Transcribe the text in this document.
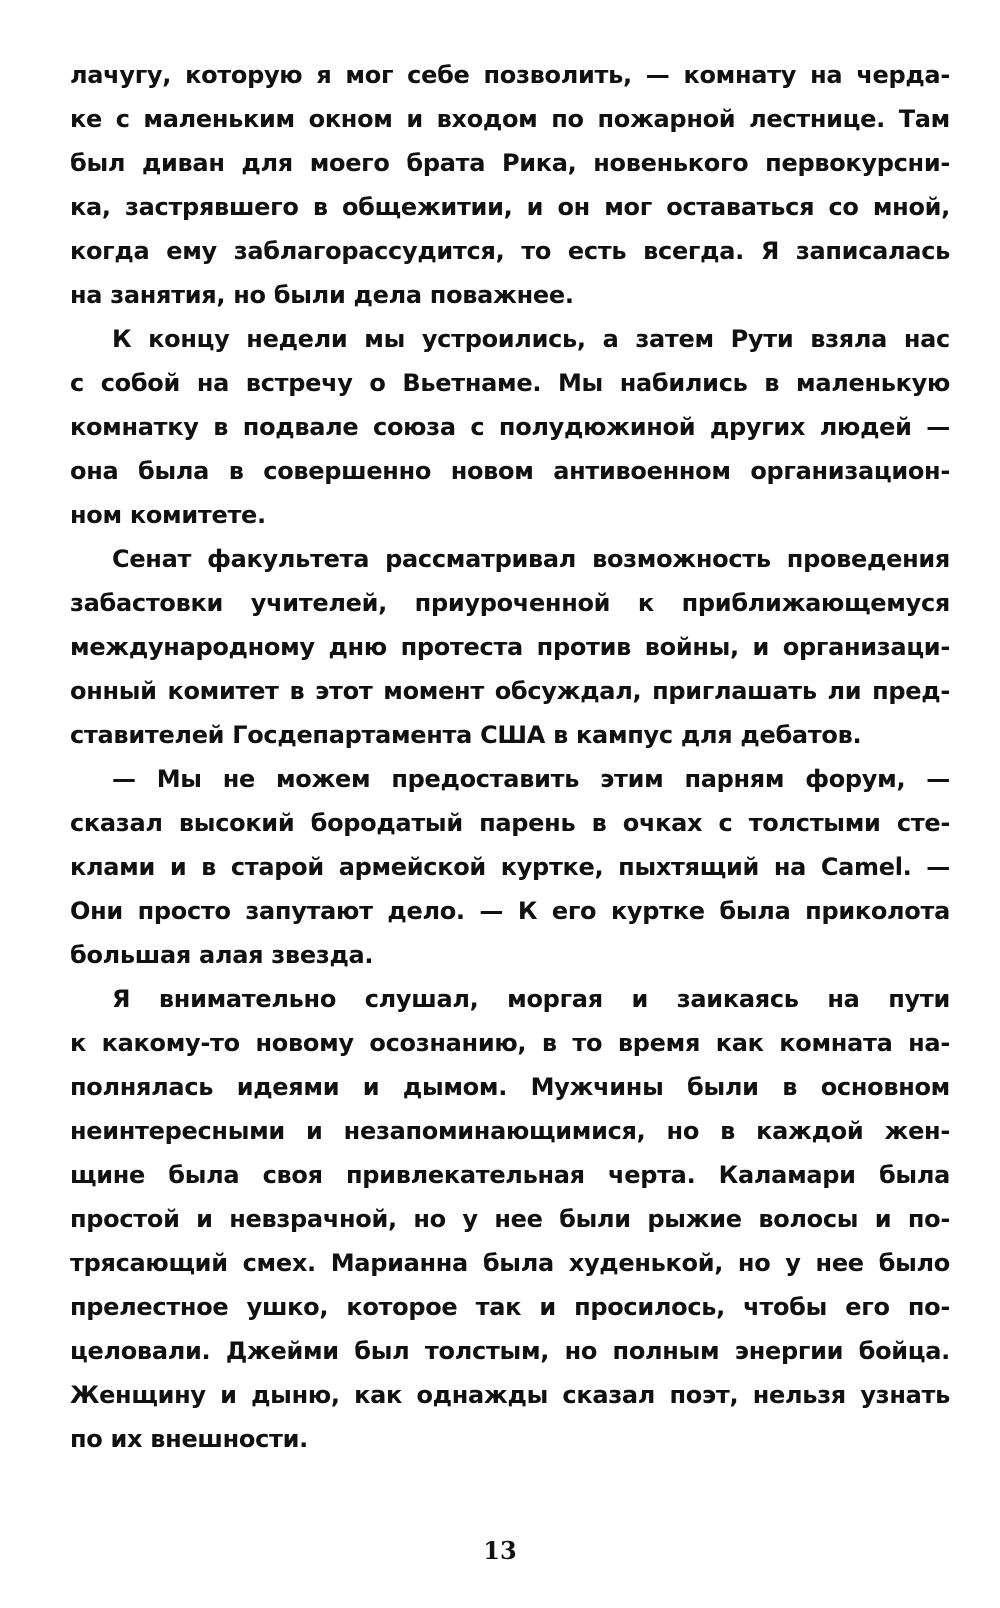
лачугу, которую я мог себе позволить, — комнату на черда-
ке с маленьким окном и входом по пожарной лестнице. Там
был диван для моего брата Рика, новенького первокурсни-
ка, застрявшего в общежитии, и он мог оставаться со мной,
когда ему заблагорассудится, то есть всегда. Я записалась
на занятия, но были дела поважнее.
К концу недели мы устроились, а затем Рути взяла нас
с собой на встречу о Вьетнаме. Мы набились в маленькую
комнатку в подвале союза с полудюжиной других людей —
она была в совершенно новом антивоенном организацион-
ном комитете.
Сенат факультета рассматривал возможность проведения
забастовки учителей, приуроченной к приближающемуся
международному дню протеста против войны, и организаци-
онный комитет в этот момент обсуждал, приглашать ли пред-
ставителей Госдепартамента США в кампус для дебатов.
— Мы не можем предоставить этим парням форум, —
сказал высокий бородатый парень в очках с толстыми сте-
клами и в старой армейской куртке, пыхтящий на Camel. —
Они просто запутают дело. — К его куртке была приколота
большая алая звезда.
Я внимательно слушал, моргая и заикаясь на пути
к какому-то новому осознанию, в то время как комната на-
полнялась идеями и дымом. Мужчины были в основном
неинтересными и незапоминающимися, но в каждой жен-
щине была своя привлекательная черта. Каламари была
простой и невзрачной, но у нее были рыжие волосы и по-
трясающий смех. Марианна была худенькой, но у нее было
прелестное ушко, которое так и просилось, чтобы его по-
целовали. Джейми был толстым, но полным энергии бойца.
Женщину и дыню, как однажды сказал поэт, нельзя узнать
по их внешности.
13
